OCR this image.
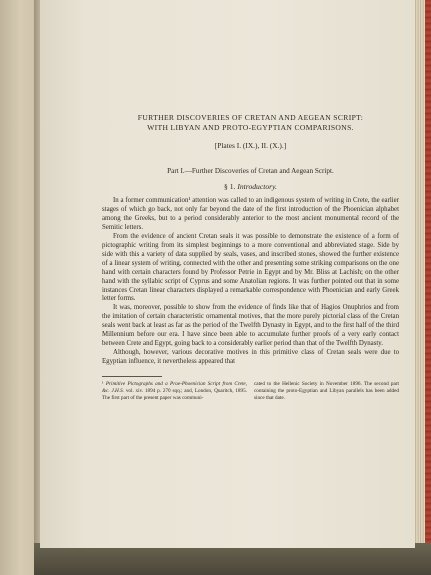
FURTHER DISCOVERIES OF CRETAN AND AEGEAN SCRIPT:
WITH LIBYAN AND PROTO-EGYPTIAN COMPARISONS.
[Plates I. (IX.), II. (X.).]
Part I.—Further Discoveries of Cretan and Aegean Script.
§ 1. Introductory.

In a former communication¹ attention was called to an indigenous system of writing in Crete, the earlier stages of which go back, not only far beyond the date of the first introduction of the Phoenician alphabet among the Greeks, but to a period considerably anterior to the most ancient monumental record of the Semitic letters.

From the evidence of ancient Cretan seals it was possible to demonstrate the existence of a form of pictographic writing from its simplest beginnings to a more conventional and abbreviated stage. Side by side with this a variety of data supplied by seals, vases, and inscribed stones, showed the further existence of a linear system of writing, connected with the other and presenting some striking comparisons on the one hand with certain characters found by Professor Petrie in Egypt and by Mr. Bliss at Lachish; on the other hand with the syllabic script of Cyprus and some Anatolian regions. It was further pointed out that in some instances Cretan linear characters displayed a remarkable correspondence with Phoenician and early Greek letter forms.

It was, moreover, possible to show from the evidence of finds like that of Hagios Onuphrios and from the imitation of certain characteristic ornamental motives, that the more purely pictorial class of the Cretan seals went back at least as far as the period of the Twelfth Dynasty in Egypt, and to the first half of the third Millennium before our era. I have since been able to accumulate further proofs of a very early contact between Crete and Egypt, going back to a considerably earlier period than that of the Twelfth Dynasty.

Although, however, various decorative motives in this primitive class of Cretan seals were due to Egyptian influence, it nevertheless appeared that

¹ Primitive Pictographs and a Prae-Phoenician Script from Crete, &c. J.H.S. vol. xiv. 1894 p. 270 sqq.; and, London, Quaritch, 1895. The first part of the present paper was communi-
cated to the Hellenic Society in November 1896. The second part containing the proto-Egyptian and Libyan parallels has been added since that date.
